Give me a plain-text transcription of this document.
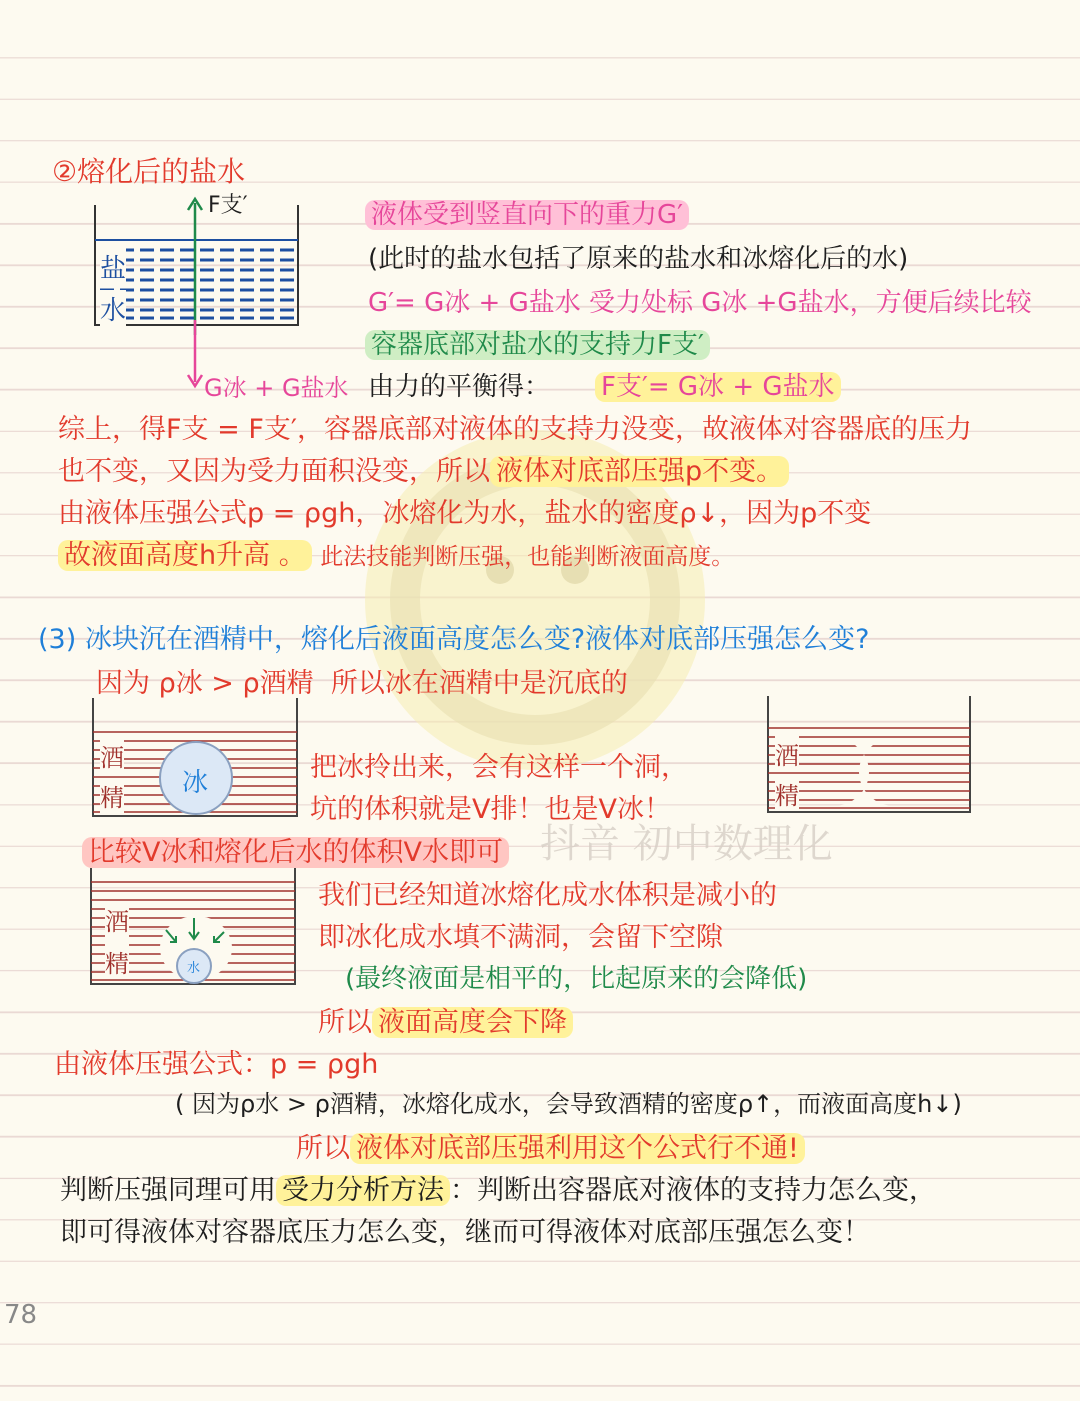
抖音 初中数理化
②熔化后的盐水
盐
水
F支′
G冰 + G盐水
液体受到竖直向下的重力G′
(此时的盐水包括了原来的盐水和冰熔化后的水)
G′= G冰 + G盐水 受力处标 G冰 +G盐水，方便后续比较
容器底部对盐水的支持力F支′
由力的平衡得： F支′= G冰 + G盐水
综上，得F支 = F支′，容器底部对液体的支持力没变，故液体对容器底的压力
也不变，又因为受力面积没变，所以 液体对底部压强p不变。
由液体压强公式p = ρgh，冰熔化为水，盐水的密度ρ↓，因为p不变
故液面高度h升高 。 此法技能判断压强，也能判断液面高度。
(3) 冰块沉在酒精中，熔化后液面高度怎么变?液体对底部压强怎么变?
因为 ρ冰 > ρ酒精 所以冰在酒精中是沉底的
酒
精 冰	把冰拎出来，会有这样一个洞，
坑的体积就是V排！也是V冰！
酒
精
比较V冰和熔化后水的体积V水即可
酒
精	水
我们已经知道冰熔化成水体积是减小的
即冰化成水填不满洞，会留下空隙
(最终液面是相平的，比起原来的会降低)
所以 液面高度会下降
由液体压强公式：p = ρgh
( 因为ρ水 > ρ酒精，冰熔化成水，会导致酒精的密度ρ↑，而液面高度h↓)
所以 液体对底部压强利用这个公式行不通!
判断压强同理可用 受力分析方法 ：判断出容器底对液体的支持力怎么变，
即可得液体对容器底压力怎么变，继而可得液体对底部压强怎么变！
78
